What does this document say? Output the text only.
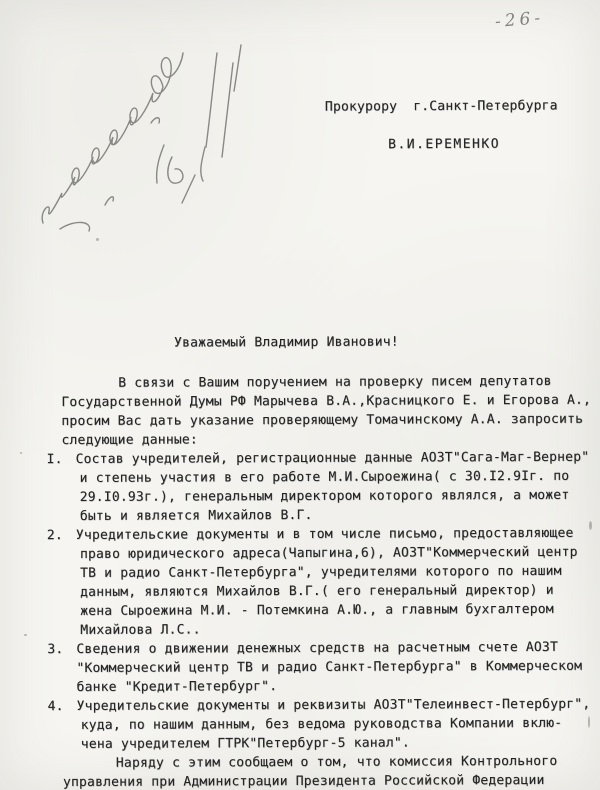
-26-
Прокурору  г.Санкт-Петербурга
В.И.ЕРЕМЕНКО
Уважаемый Владимир Иванович!
В связи с Вашим поручением на проверку писем депутатов
Государственной Думы РФ Марычева В.А.,Красницкого Е. и Егорова А.,
просим Вас дать указание проверяющему Томачинскому А.А. запросить
следующие данные:
I. Состав учредителей, регистрационные данные АОЗТ"Сага-Маг-Вернер"
и степень участия в его работе М.И.Сыроежина( с 30.I2.9Iг. по
29.I0.93г.), генеральным директором которого являлся, а может
быть и является Михайлов В.Г.
2. Учредительские документы и в том числе письмо, предоставляющее
право юридического адреса(Чапыгина,6), АОЗТ"Коммерческий центр
ТВ и радио Санкт-Петербурга", учредителями которого по нашим
данным, являются Михайлов В.Г.( его генеральный директор) и
жена Сыроежина М.И. - Потемкина А.Ю., а главным бухгалтером
Михайлова Л.С..
3. Сведения о движении денежных средств на расчетным счете АОЗТ
"Коммерческий центр ТВ и радио Санкт-Петербурга" в Коммерческом
банке "Кредит-Петербург".
4. Учредительские документы и реквизиты АОЗТ"Телеинвест-Петербург",
куда, по нашим данным, без ведома руководства Компании вклю-
чена учредителем ГТРК"Петербург-5 канал".
Наряду с этим сообщаем о том, что комиссия Контрольного
управления при Администрации Президента Российской Федерации
